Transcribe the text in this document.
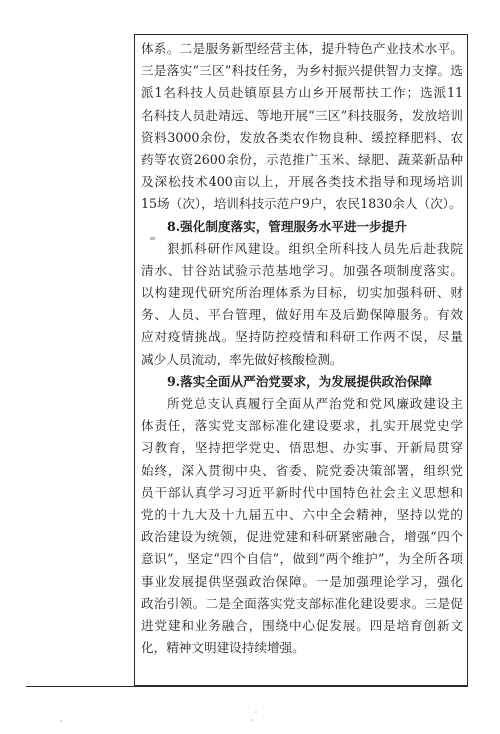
体系。二是服务新型经营主体，提升特色产业技术水平。
三是落实“三区”科技任务，为乡村振兴提供智力支撑。选
派1名科技人员赴镇原县方山乡开展帮扶工作；选派11
名科技人员赴靖远、等地开展“三区”科技服务，发放培训
资料3000余份，发放各类农作物良种、缓控释肥料、农
药等农资2600余份，示范推广玉米、绿肥、蔬菜新品种
及深松技术400亩以上，开展各类技术指导和现场培训
15场（次），培训科技示范户9户，农民1830余人（次）。
8.强化制度落实，管理服务水平进一步提升
狠抓科研作风建设。组织全所科技人员先后赴我院
清水、甘谷站试验示范基地学习。加强各项制度落实。
以构建现代研究所治理体系为目标，切实加强科研、财
务、人员、平台管理，做好用车及后勤保障服务。有效
应对疫情挑战。坚持防控疫情和科研工作两不误，尽量
减少人员流动，率先做好核酸检测。
9.落实全面从严治党要求，为发展提供政治保障
所党总支认真履行全面从严治党和党风廉政建设主
体责任，落实党支部标准化建设要求，扎实开展党史学
习教育，坚持把学党史、悟思想、办实事、开新局贯穿
始终，深入贯彻中央、省委、院党委决策部署，组织党
员干部认真学习习近平新时代中国特色社会主义思想和
党的十九大及十九届五中、六中全会精神，坚持以党的
政治建设为统领，促进党建和科研紧密融合，增强“四个
意识”，坚定“四个自信”，做到“两个维护”，为全所各项
事业发展提供坚强政治保障。一是加强理论学习，强化
政治引领。二是全面落实党支部标准化建设要求。三是促
进党建和业务融合，围绕中心促发展。四是培育创新文
化，精神文明建设持续增强。
